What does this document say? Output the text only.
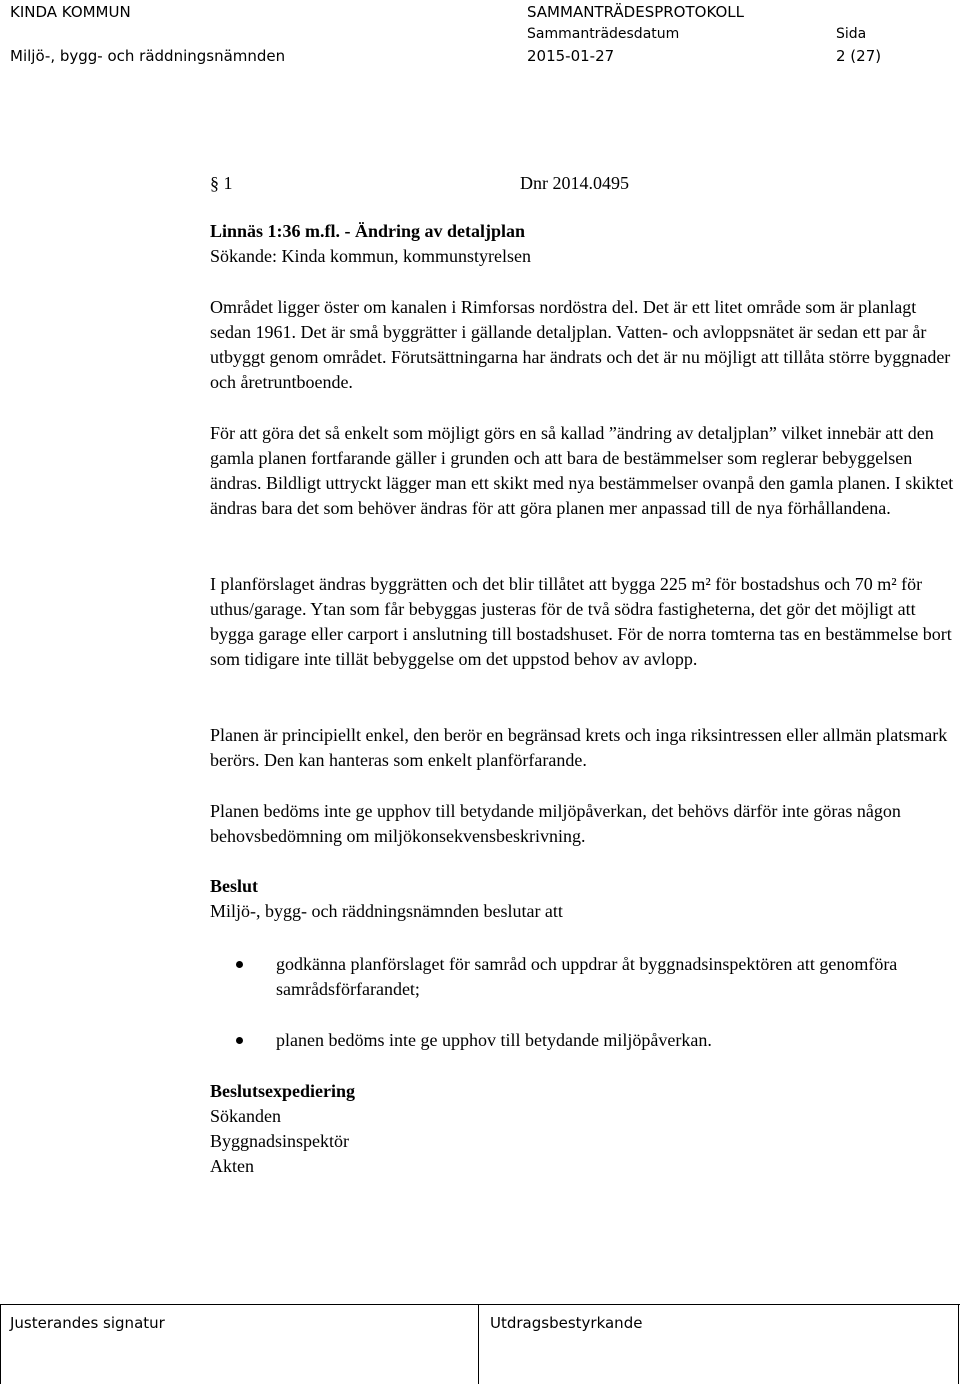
KINDA KOMMUN
Miljö-, bygg- och räddningsnämnden
SAMMANTRÄDESPROTOKOLL
Sammanträdesdatum
2015-01-27
Sida
2 (27)
§ 1	Dnr 2014.0495

Linnäs 1:36 m.fl. - Ändring av detaljplan

Sökande: Kinda kommun, kommunstyrelsen

Området ligger öster om kanalen i Rimforsas nordöstra del. Det är ett litet område som är planlagt sedan 1961. Det är små byggrätter i gällande detaljplan. Vatten- och avloppsnätet är sedan ett par år utbyggt genom området. Förutsättningarna har ändrats och det är nu möjligt att tillåta större byggnader och åretruntboende.
För att göra det så enkelt som möjligt görs en så kallad ”ändring av detaljplan” vilket innebär att den gamla planen fortfarande gäller i grunden och att bara de bestämmelser som reglerar bebyggelsen ändras. Bildligt uttryckt lägger man ett skikt med nya bestämmelser ovanpå den gamla planen. I skiktet ändras bara det som behöver ändras för att göra planen mer anpassad till de nya förhållandena.
I planförslaget ändras byggrätten och det blir tillåtet att bygga 225 m² för bostadshus och 70 m² för uthus/garage. Ytan som får bebyggas justeras för de två södra fastigheterna, det gör det möjligt att bygga garage eller carport i anslutning till bostadshuset. För de norra tomterna tas en bestämmelse bort som tidigare inte tillät bebyggelse om det uppstod behov av avlopp.
Planen är principiellt enkel, den berör en begränsad krets och inga riksintressen eller allmän platsmark berörs. Den kan hanteras som enkelt planförfarande.
Planen bedöms inte ge upphov till betydande miljöpåverkan, det behövs därför inte göras någon behovsbedömning om miljökonsekvensbeskrivning.

Beslut

Miljö-, bygg- och räddningsnämnden beslutar att

godkänna planförslaget för samråd och uppdrar åt byggnadsinspektören att genomföra samrådsförfarandet;
planen bedöms inte ge upphov till betydande miljöpåverkan.

Beslutsexpediering

Sökanden

Byggnadsinspektör

Akten

Justerandes signatur	Utdragsbestyrkande
